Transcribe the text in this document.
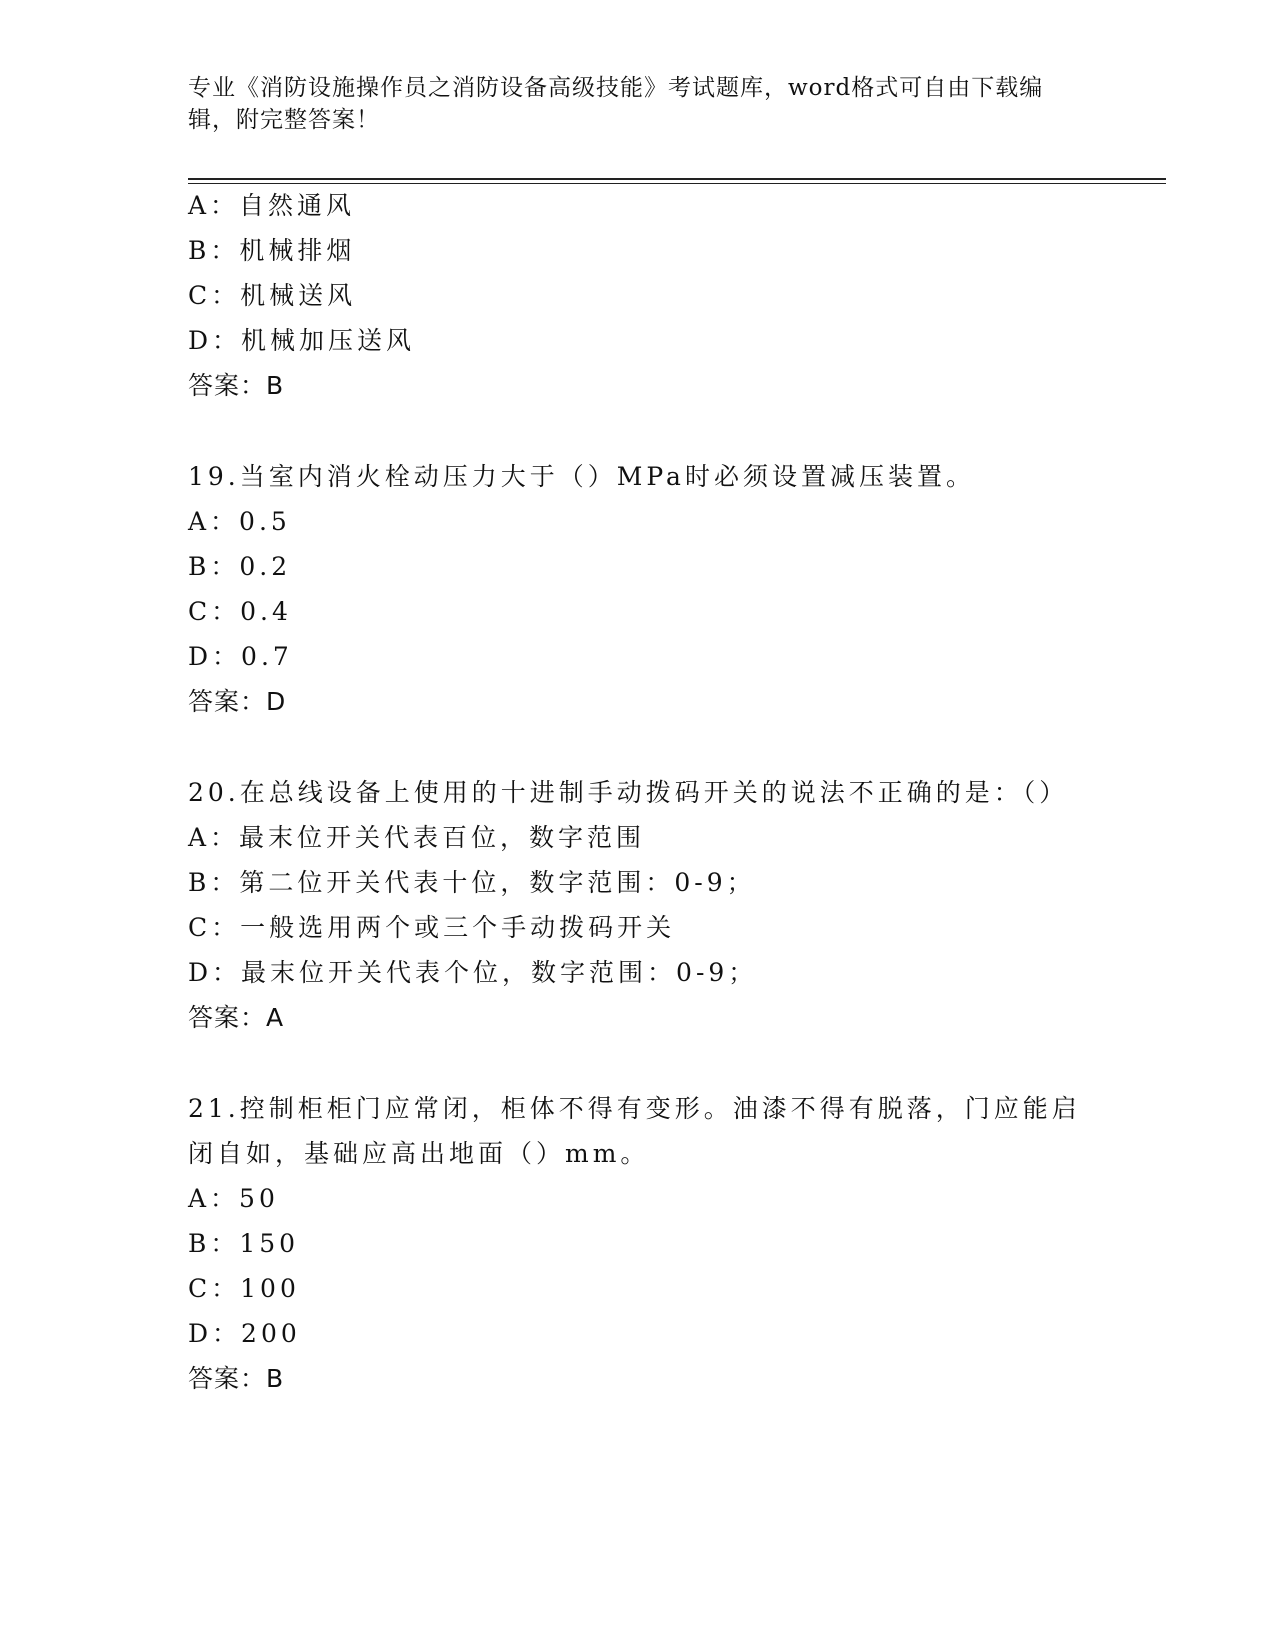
专业《消防设施操作员之消防设备高级技能》考试题库，word格式可自由下载编辑，附完整答案！
A：自然通风
B：机械排烟
C：机械送风
D：机械加压送风
答案：B
19.当室内消火栓动压力大于（）MPa时必须设置减压装置。
A：0.5
B：0.2
C：0.4
D：0.7
答案：D
20.在总线设备上使用的十进制手动拨码开关的说法不正确的是：（）
A：最末位开关代表百位，数字范围
B：第二位开关代表十位，数字范围：0-9；
C：一般选用两个或三个手动拨码开关
D：最末位开关代表个位，数字范围：0-9；
答案：A
21.控制柜柜门应常闭，柜体不得有变形。油漆不得有脱落，门应能启
闭自如，基础应高出地面（）mm。
A：50
B：150
C：100
D：200
答案：B
